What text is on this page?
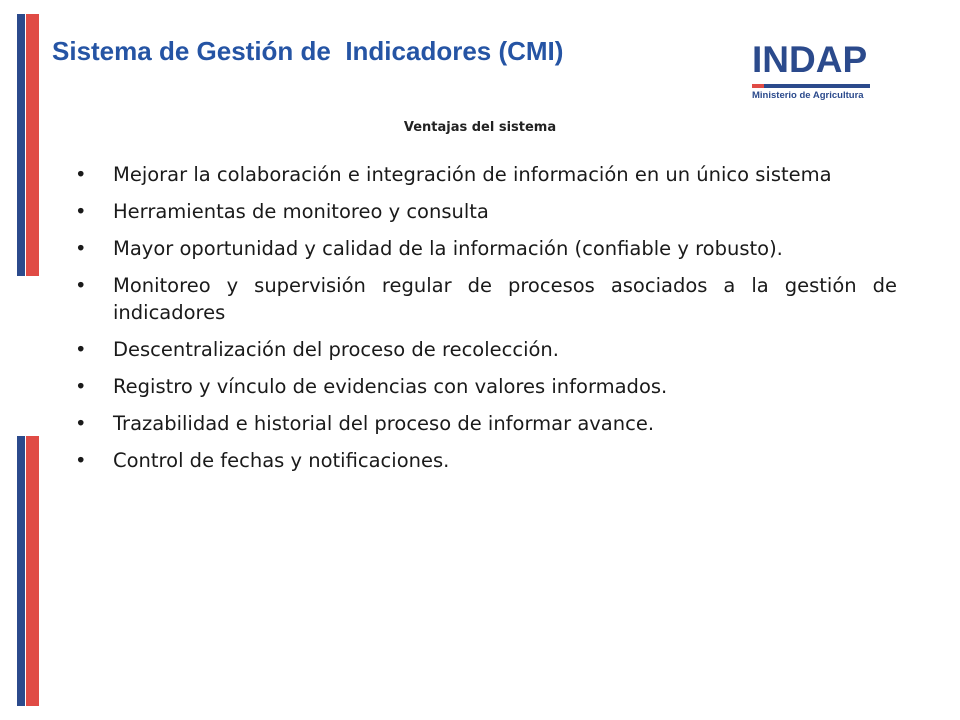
Sistema de Gestión de  Indicadores (CMI)	INDAP
Ministerio de Agricultura
Ventajas del sistema
• Mejorar la colaboración e integración de información en un único sistema
• Herramientas de monitoreo y consulta
• Mayor oportunidad y calidad de la información (confiable y robusto).
• Monitoreo y supervisión regular de procesos asociados a la gestión de indicadores
• Descentralización del proceso de recolección.
• Registro y vínculo de evidencias con valores informados.
• Trazabilidad e historial del proceso de informar avance.
• Control de fechas y notificaciones.
